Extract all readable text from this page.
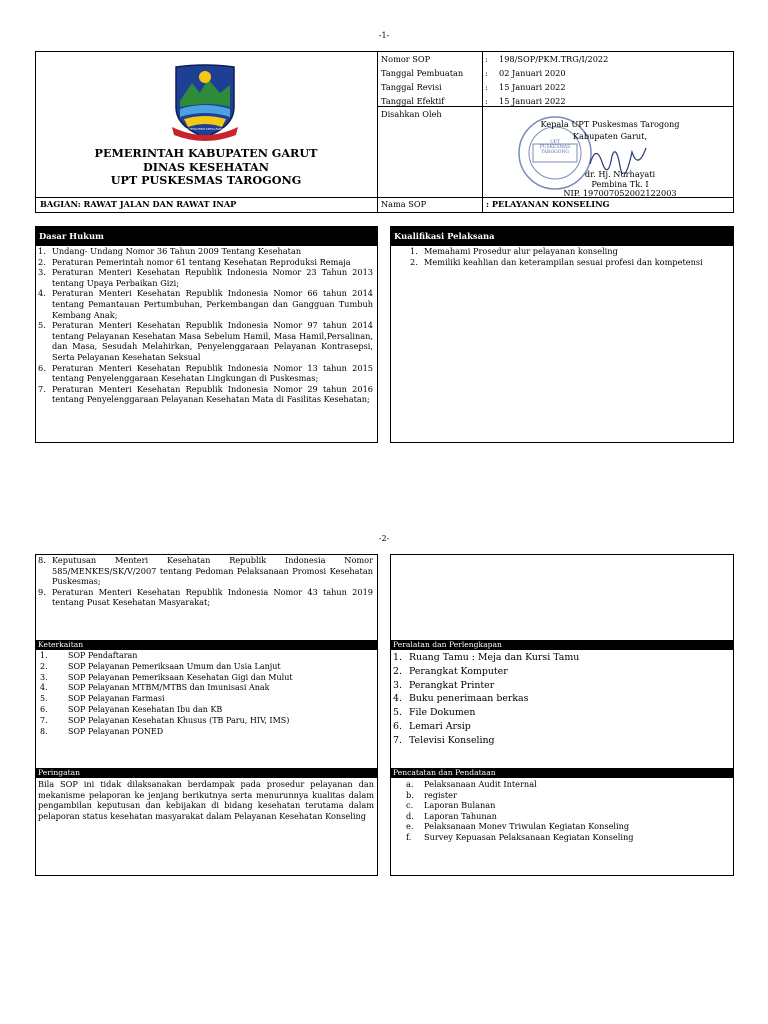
-1-
TATA TENGTREM KERTA RAHARJA
PEMERINTAH KABUPATEN GARUT
DINAS KESEHATAN
UPT PUSKESMAS TAROGONG
Nomor SOP	:	198/SOP/PKM.TRG/I/2022
Tanggal Pembuatan	:	02 Januari 2020
Tanggal Revisi	:	15 Januari 2022
Tanggal Efektif	:	15 Januari 2022
Disahkan Oleh
UPT PUSKESMAS TAROGONG
Kepala UPT Puskesmas Tarogong
Kabupaten Garut,
dr. Hj. Nurhayati
Pembina Tk. I
NIP. 197007052002122003
BAGIAN: RAWAT JALAN DAN RAWAT INAP	Nama SOP	: PELAYANAN KONSELING
Dasar Hukum
1. Undang- Undang Nomor 36 Tahun 2009 Tentang Kesehatan
2. Peraturan Pemerintah nomor 61 tentang Kesehatan Reproduksi Remaja
3. Peraturan Menteri Kesehatan Republik Indonesia Nomor 23 Tahun 2013 tentang Upaya Perbaikan Gizi;
4. Peraturan Menteri Kesehatan Republik Indonesia Nomor 66 tahun 2014 tentang Pemantauan Pertumbuhan, Perkembangan dan Gangguan Tumbuh Kembang Anak;
5. Peraturan Menteri Kesehatan Republik Indonesia Nomor 97 tahun 2014 tentang Pelayanan Kesehatan Masa Sebelum Hamil, Masa Hamil,Persalinan, dan Masa, Sesudah Melahirkan, Penyelenggaraan Pelayanan Kontrasepsi, Serta Pelayanan Kesehatan Seksual
6. Peraturan Menteri Kesehatan Republik Indonesia Nomor 13 tahun 2015 tentang Penyelenggaraan Kesehatan Lingkungan di Puskesmas;
7. Peraturan Menteri Kesehatan Republik Indonesia Nomor 29 tahun 2016 tentang Penyelenggaraan Pelayanan Kesehatan Mata di Fasilitas Kesehatan;
Kualifikasi Pelaksana
1. Memahami Prosedur alur pelayanan konseling
2. Memiliki keahlian dan keterampilan sesuai profesi dan kompetensi
-2-
8. Keputusan Menteri Kesehatan Republik Indonesia Nomor 585/MENKES/SK/V/2007 tentang Pedoman Pelaksanaan Promosi Kesehatan Puskesmas;
9. Peraturan Menteri Kesehatan Republik Indonesia Nomor 43 tahun 2019 tentang Pusat Kesehatan Masyarakat;
Keterkaitan
1.	SOP Pendaftaran
2.	SOP Pelayanan Pemeriksaan Umum dan Usia Lanjut
3.	SOP Pelayanan Pemeriksaan Kesehatan Gigi dan Mulut
4.	SOP Pelayanan MTBM/MTBS dan Imunisasi Anak
5.	SOP Pelayanan Farmasi
6.	SOP Pelayanan Kesehatan Ibu dan KB
7.	SOP Pelayanan Kesehatan Khusus (TB Paru, HIV, IMS)
8.	SOP Pelayanan PONED
Peralatan dan Perlengkapan
1. Ruang Tamu : Meja dan Kursi Tamu
2. Perangkat Komputer
3. Perangkat Printer
4. Buku penerimaan berkas
5. File Dokumen
6. Lemari Arsip
7. Televisi Konseling
Peringatan
Bila SOP ini tidak dilaksanakan berdampak pada prosedur pelayanan dan mekanisme pelaporan ke jenjang berikutnya serta menurunnya kualitas dalam pengambilan keputusan dan kebijakan di bidang kesehatan terutama dalam pelaporan status kesehatan masyarakat dalam Pelayanan Kesehatan Konseling
Pencatatan dan Pendataan
a.	Pelaksanaan Audit Internal
b.	register
c.	Laporan Bulanan
d.	Laporan Tahunan
e.	Pelaksanaan Monev Triwulan Kegiatan Konseling
f.	Survey Kepuasan Pelaksanaan Kegiatan Konseling
